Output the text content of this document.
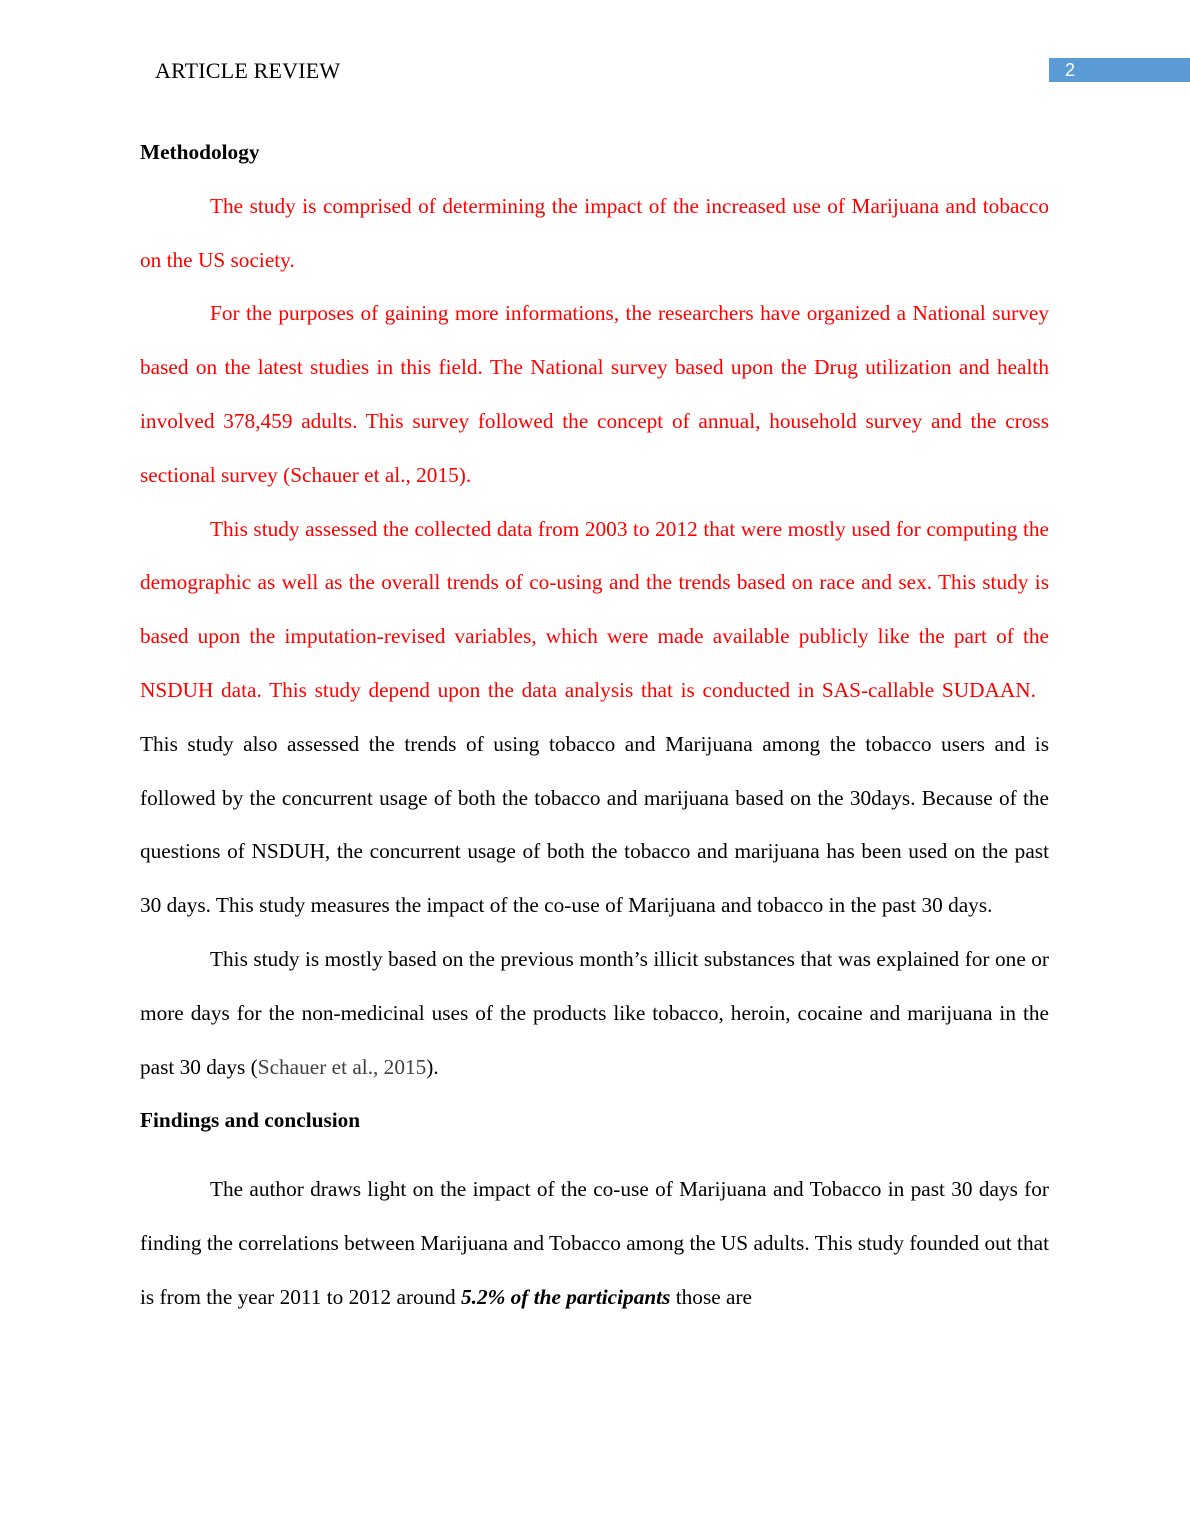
ARTICLE REVIEW	2
Methodology

The study is comprised of determining the impact of the increased use of Marijuana and tobacco on the US society.

For the purposes of gaining more informations, the researchers have organized a National survey based on the latest studies in this field. The National survey based upon the Drug utilization and health involved 378,459 adults. This survey followed the concept of annual, household survey and the cross sectional survey (Schauer et al., 2015).

This study assessed the collected data from 2003 to 2012 that were mostly used for computing the demographic as well as the overall trends of co-using and the trends based on race and sex. This study is based upon the imputation-revised variables, which were made available publicly like the part of the NSDUH data. This study depend upon the data analysis that is conducted in SAS-callable SUDAAN.   This study also assessed the trends of using tobacco and Marijuana among the tobacco users and is followed by the concurrent usage of both the tobacco and marijuana based on the 30days. Because of the questions of NSDUH, the concurrent usage of both the tobacco and marijuana has been used on the past 30 days. This study measures the impact of the co-use of Marijuana and tobacco in the past 30 days.

This study is mostly based on the previous month’s illicit substances that was explained for one or more days for the non-medicinal uses of the products like tobacco, heroin, cocaine and marijuana in the past 30 days (Schauer et al., 2015).

Findings and conclusion

The author draws light on the impact of the co-use of Marijuana and Tobacco in past 30 days for finding the correlations between Marijuana and Tobacco among the US adults. This study founded out that is from the year 2011 to 2012 around 5.2% of the participants those are
